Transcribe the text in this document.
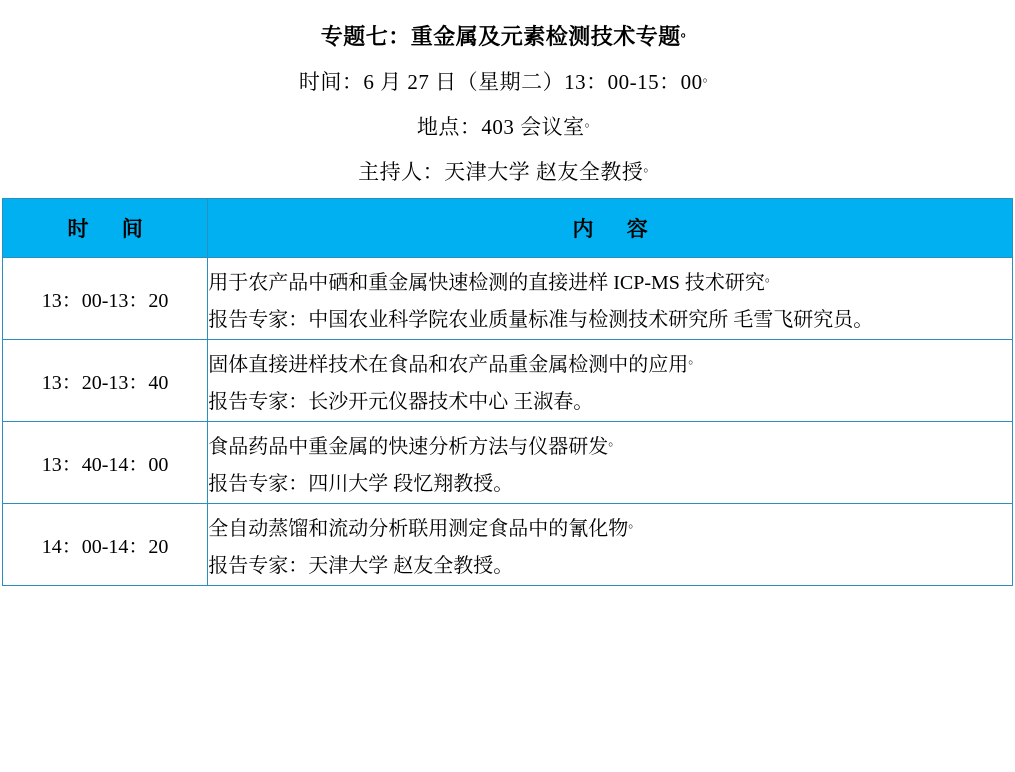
专题七：重金属及元素检测技术专题。
时间：6 月 27 日（星期二）13：00-15：00。
地点：403 会议室。
主持人：天津大学 赵友全教授。
时 间	内 容
13：00-13：20	用于农产品中硒和重金属快速检测的直接进样 ICP-MS 技术研究。
报告专家：中国农业科学院农业质量标准与检测技术研究所 毛雪飞研究员。

13：20-13：40	固体直接进样技术在食品和农产品重金属检测中的应用。
报告专家：长沙开元仪器技术中心 王淑春。

13：40-14：00	食品药品中重金属的快速分析方法与仪器研发。
报告专家：四川大学 段忆翔教授。

14：00-14：20	全自动蒸馏和流动分析联用测定食品中的氰化物。
报告专家：天津大学 赵友全教授。
